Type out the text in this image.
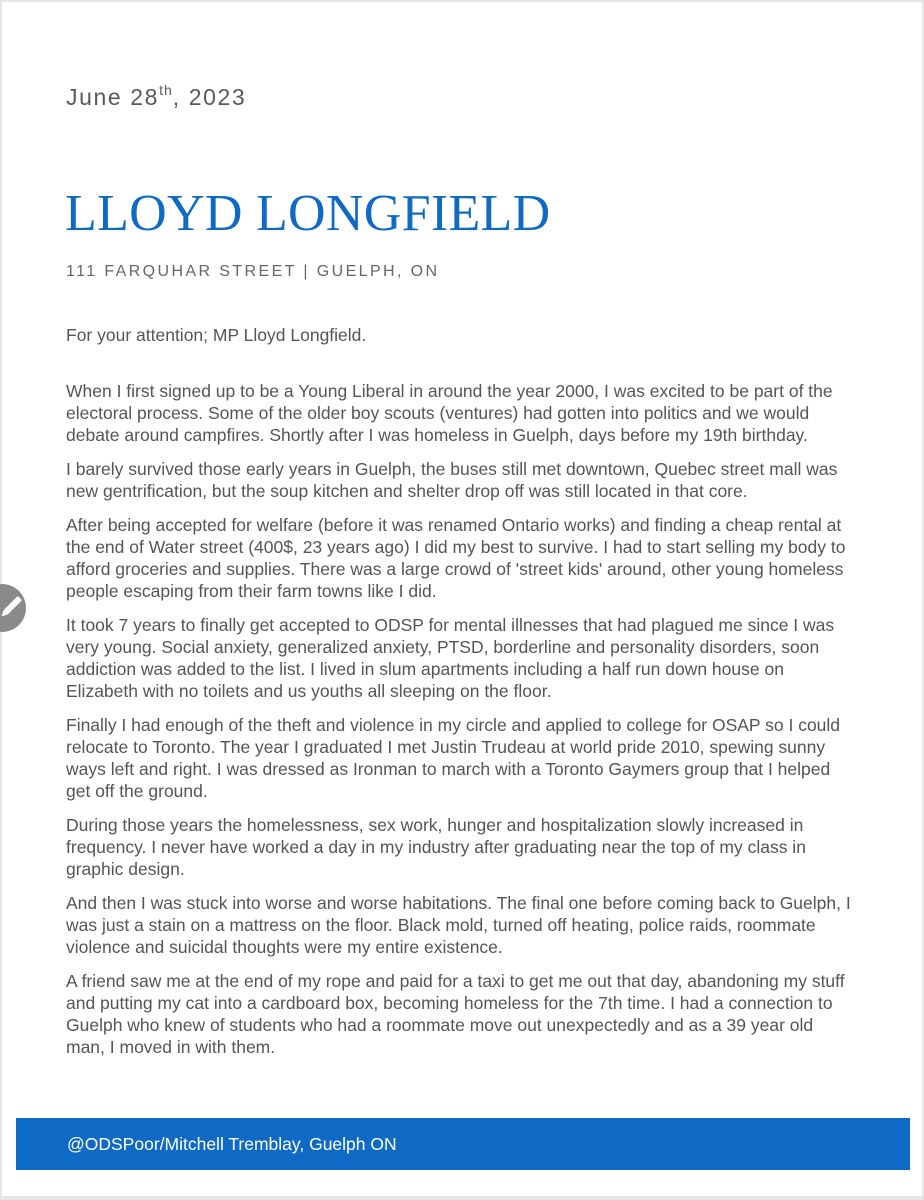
June 28th, 2023
LLOYD LONGFIELD
111 FARQUHAR STREET | GUELPH, ON
For your attention; MP Lloyd Longfield.

When I first signed up to be a Young Liberal in around the year 2000, I was excited to be part of the electoral process. Some of the older boy scouts (ventures) had gotten into politics and we would debate around campfires. Shortly after I was homeless in Guelph, days before my 19th birthday.

I barely survived those early years in Guelph, the buses still met downtown, Quebec street mall was new gentrification, but the soup kitchen and shelter drop off was still located in that core.

After being accepted for welfare (before it was renamed Ontario works) and finding a cheap rental at the end of Water street (400$, 23 years ago) I did my best to survive. I had to start selling my body to afford groceries and supplies. There was a large crowd of 'street kids' around, other young homeless people escaping from their farm towns like I did.

It took 7 years to finally get accepted to ODSP for mental illnesses that had plagued me since I was very young. Social anxiety, generalized anxiety, PTSD, borderline and personality disorders, soon addiction was added to the list. I lived in slum apartments including a half run down house on Elizabeth with no toilets and us youths all sleeping on the floor.

Finally I had enough of the theft and violence in my circle and applied to college for OSAP so I could relocate to Toronto. The year I graduated I met Justin Trudeau at world pride 2010, spewing sunny ways left and right. I was dressed as Ironman to march with a Toronto Gaymers group that I helped get off the ground.

During those years the homelessness, sex work, hunger and hospitalization slowly increased in frequency. I never have worked a day in my industry after graduating near the top of my class in graphic design.

And then I was stuck into worse and worse habitations. The final one before coming back to Guelph, I was just a stain on a mattress on the floor. Black mold, turned off heating, police raids, roommate violence and suicidal thoughts were my entire existence.

A friend saw me at the end of my rope and paid for a taxi to get me out that day, abandoning my stuff and putting my cat into a cardboard box, becoming homeless for the 7th time. I had a connection to Guelph who knew of students who had a roommate move out unexpectedly and as a 39 year old man, I moved in with them.

@ODSPoor/Mitchell Tremblay, Guelph ON
